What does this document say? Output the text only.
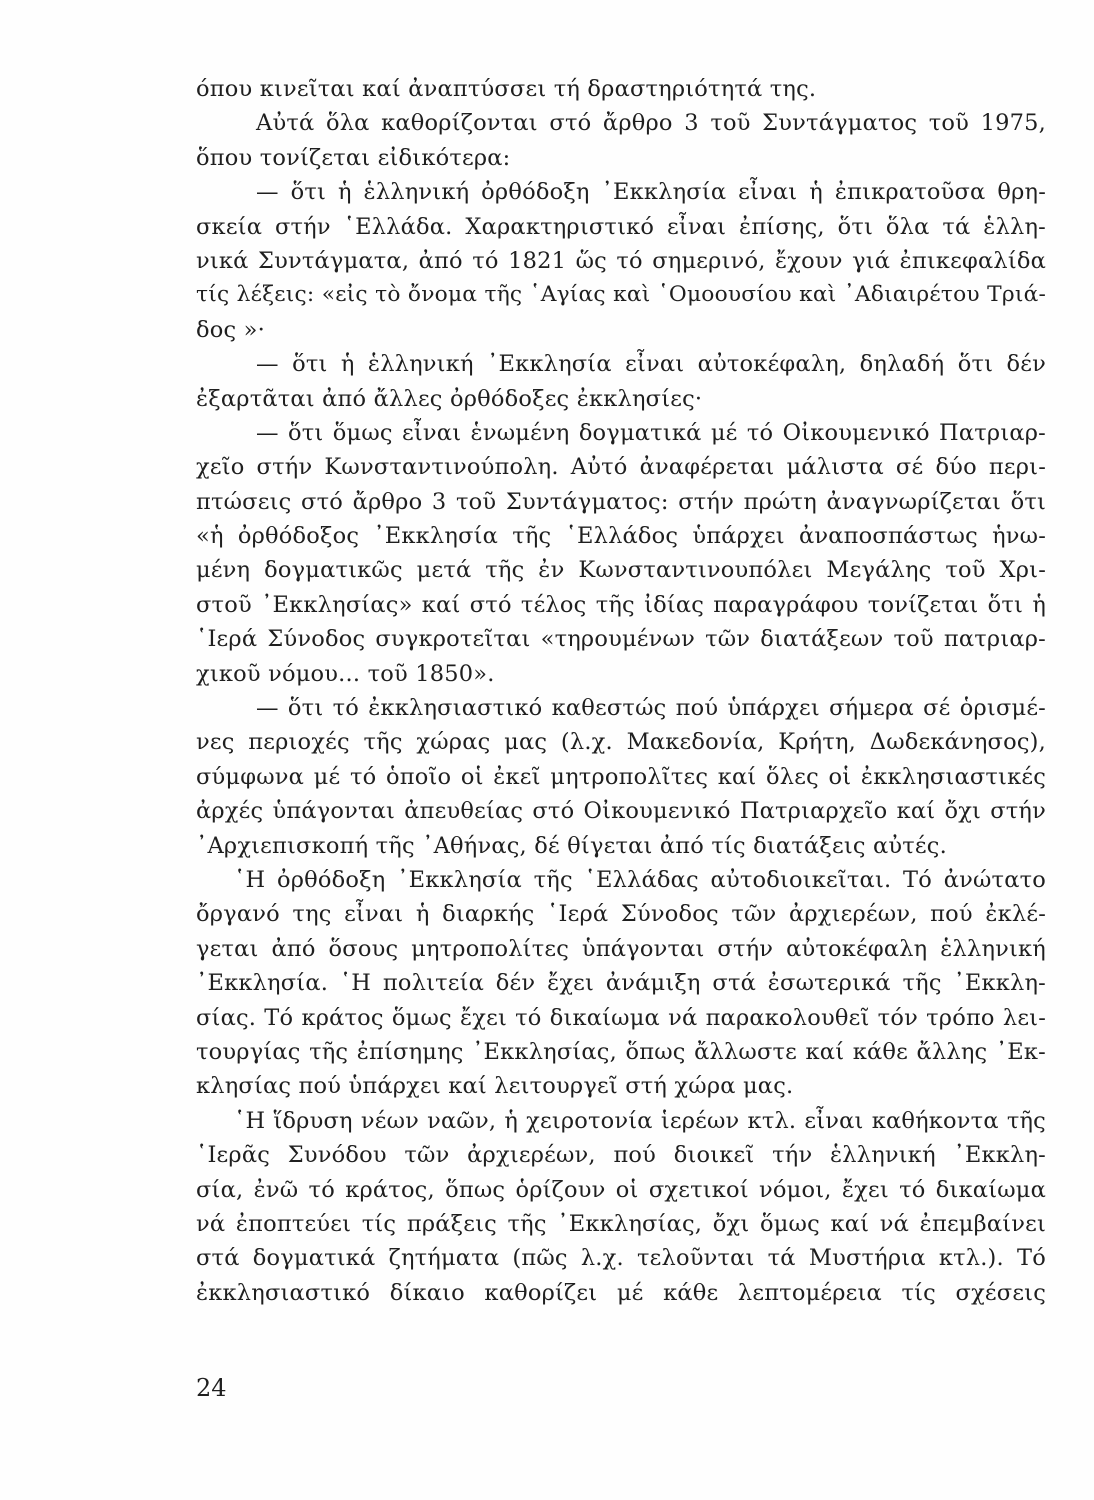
όπου κινεῖται καί ἀναπτύσσει τή δραστηριότητά της.
Αὐτά ὅλα καθορίζονται στό ἄρθρο 3 τοῦ Συντάγματος τοῦ 1975,
ὅπου τονίζεται εἰδικότερα:
— ὅτι ἡ ἑλληνική ὀρθόδοξη ᾽Εκκλησία εἶναι ἡ ἐπικρατοῦσα θρη-
σκεία στήν ῾Ελλάδα. Χαρακτηριστικό εἶναι ἐπίσης, ὅτι ὅλα τά ἑλλη-
νικά Συντάγματα, ἀπό τό 1821 ὥς τό σημερινό, ἔχουν γιά ἐπικεφαλίδα
τίς λέξεις: «εἰς τὸ ὄνομα τῆς ῾Αγίας καὶ ῾Ομοουσίου καὶ ᾽Αδιαιρέτου Τριά-
δος »·
— ὅτι ἡ ἑλληνική ᾽Εκκλησία εἶναι αὐτοκέφαλη, δηλαδή ὅτι δέν
ἐξαρτᾶται ἀπό ἄλλες ὀρθόδοξες ἐκκλησίες·
— ὅτι ὅμως εἶναι ἑνωμένη δογματικά μέ τό Οἰκουμενικό Πατριαρ-
χεῖο στήν Κωνσταντινούπολη. Αὐτό ἀναφέρεται μάλιστα σέ δύο περι-
πτώσεις στό ἄρθρο 3 τοῦ Συντάγματος: στήν πρώτη ἀναγνωρίζεται ὅτι
«ἡ ὀρθόδοξος ᾽Εκκλησία τῆς ῾Ελλάδος ὑπάρχει ἀναποσπάστως ἡνω-
μένη δογματικῶς μετά τῆς ἐν Κωνσταντινουπόλει Μεγάλης τοῦ Χρι-
στοῦ ᾽Εκκλησίας» καί στό τέλος τῆς ἰδίας παραγράφου τονίζεται ὅτι ἡ
῾Ιερά Σύνοδος συγκροτεῖται «τηρουμένων τῶν διατάξεων τοῦ πατριαρ-
χικοῦ νόμου... τοῦ 1850».
— ὅτι τό ἐκκλησιαστικό καθεστώς πού ὑπάρχει σήμερα σέ ὁρισμέ-
νες περιοχές τῆς χώρας μας (λ.χ. Μακεδονία, Κρήτη, Δωδεκάνησος),
σύμφωνα μέ τό ὁποῖο οἱ ἐκεῖ μητροπολῖτες καί ὅλες οἱ ἐκκλησιαστικές
ἀρχές ὑπάγονται ἀπευθείας στό Οἰκουμενικό Πατριαρχεῖο καί ὄχι στήν
᾽Αρχιεπισκοπή τῆς ᾽Αθήνας, δέ θίγεται ἀπό τίς διατάξεις αὐτές.
῾Η ὀρθόδοξη ᾽Εκκλησία τῆς ῾Ελλάδας αὐτοδιοικεῖται. Τό ἀνώτατο
ὄργανό της εἶναι ἡ διαρκής ῾Ιερά Σύνοδος τῶν ἀρχιερέων, πού ἐκλέ-
γεται ἀπό ὅσους μητροπολίτες ὑπάγονται στήν αὐτοκέφαλη ἑλληνική
᾽Εκκλησία. ῾Η πολιτεία δέν ἔχει ἀνάμιξη στά ἐσωτερικά τῆς ᾽Εκκλη-
σίας. Τό κράτος ὅμως ἔχει τό δικαίωμα νά παρακολουθεῖ τόν τρόπο λει-
τουργίας τῆς ἐπίσημης ᾽Εκκλησίας, ὅπως ἄλλωστε καί κάθε ἄλλης ᾽Εκ-
κλησίας πού ὑπάρχει καί λειτουργεῖ στή χώρα μας.
῾Η ἵδρυση νέων ναῶν, ἡ χειροτονία ἱερέων κτλ. εἶναι καθήκοντα τῆς
῾Ιερᾶς Συνόδου τῶν ἀρχιερέων, πού διοικεῖ τήν ἑλληνική ᾽Εκκλη-
σία, ἐνῶ τό κράτος, ὅπως ὁρίζουν οἱ σχετικοί νόμοι, ἔχει τό δικαίωμα
νά ἐποπτεύει τίς πράξεις τῆς ᾽Εκκλησίας, ὄχι ὅμως καί νά ἐπεμβαίνει
στά δογματικά ζητήματα (πῶς λ.χ. τελοῦνται τά Μυστήρια κτλ.). Τό
ἐκκλησιαστικό δίκαιο καθορίζει μέ κάθε λεπτομέρεια τίς σχέσεις
24
